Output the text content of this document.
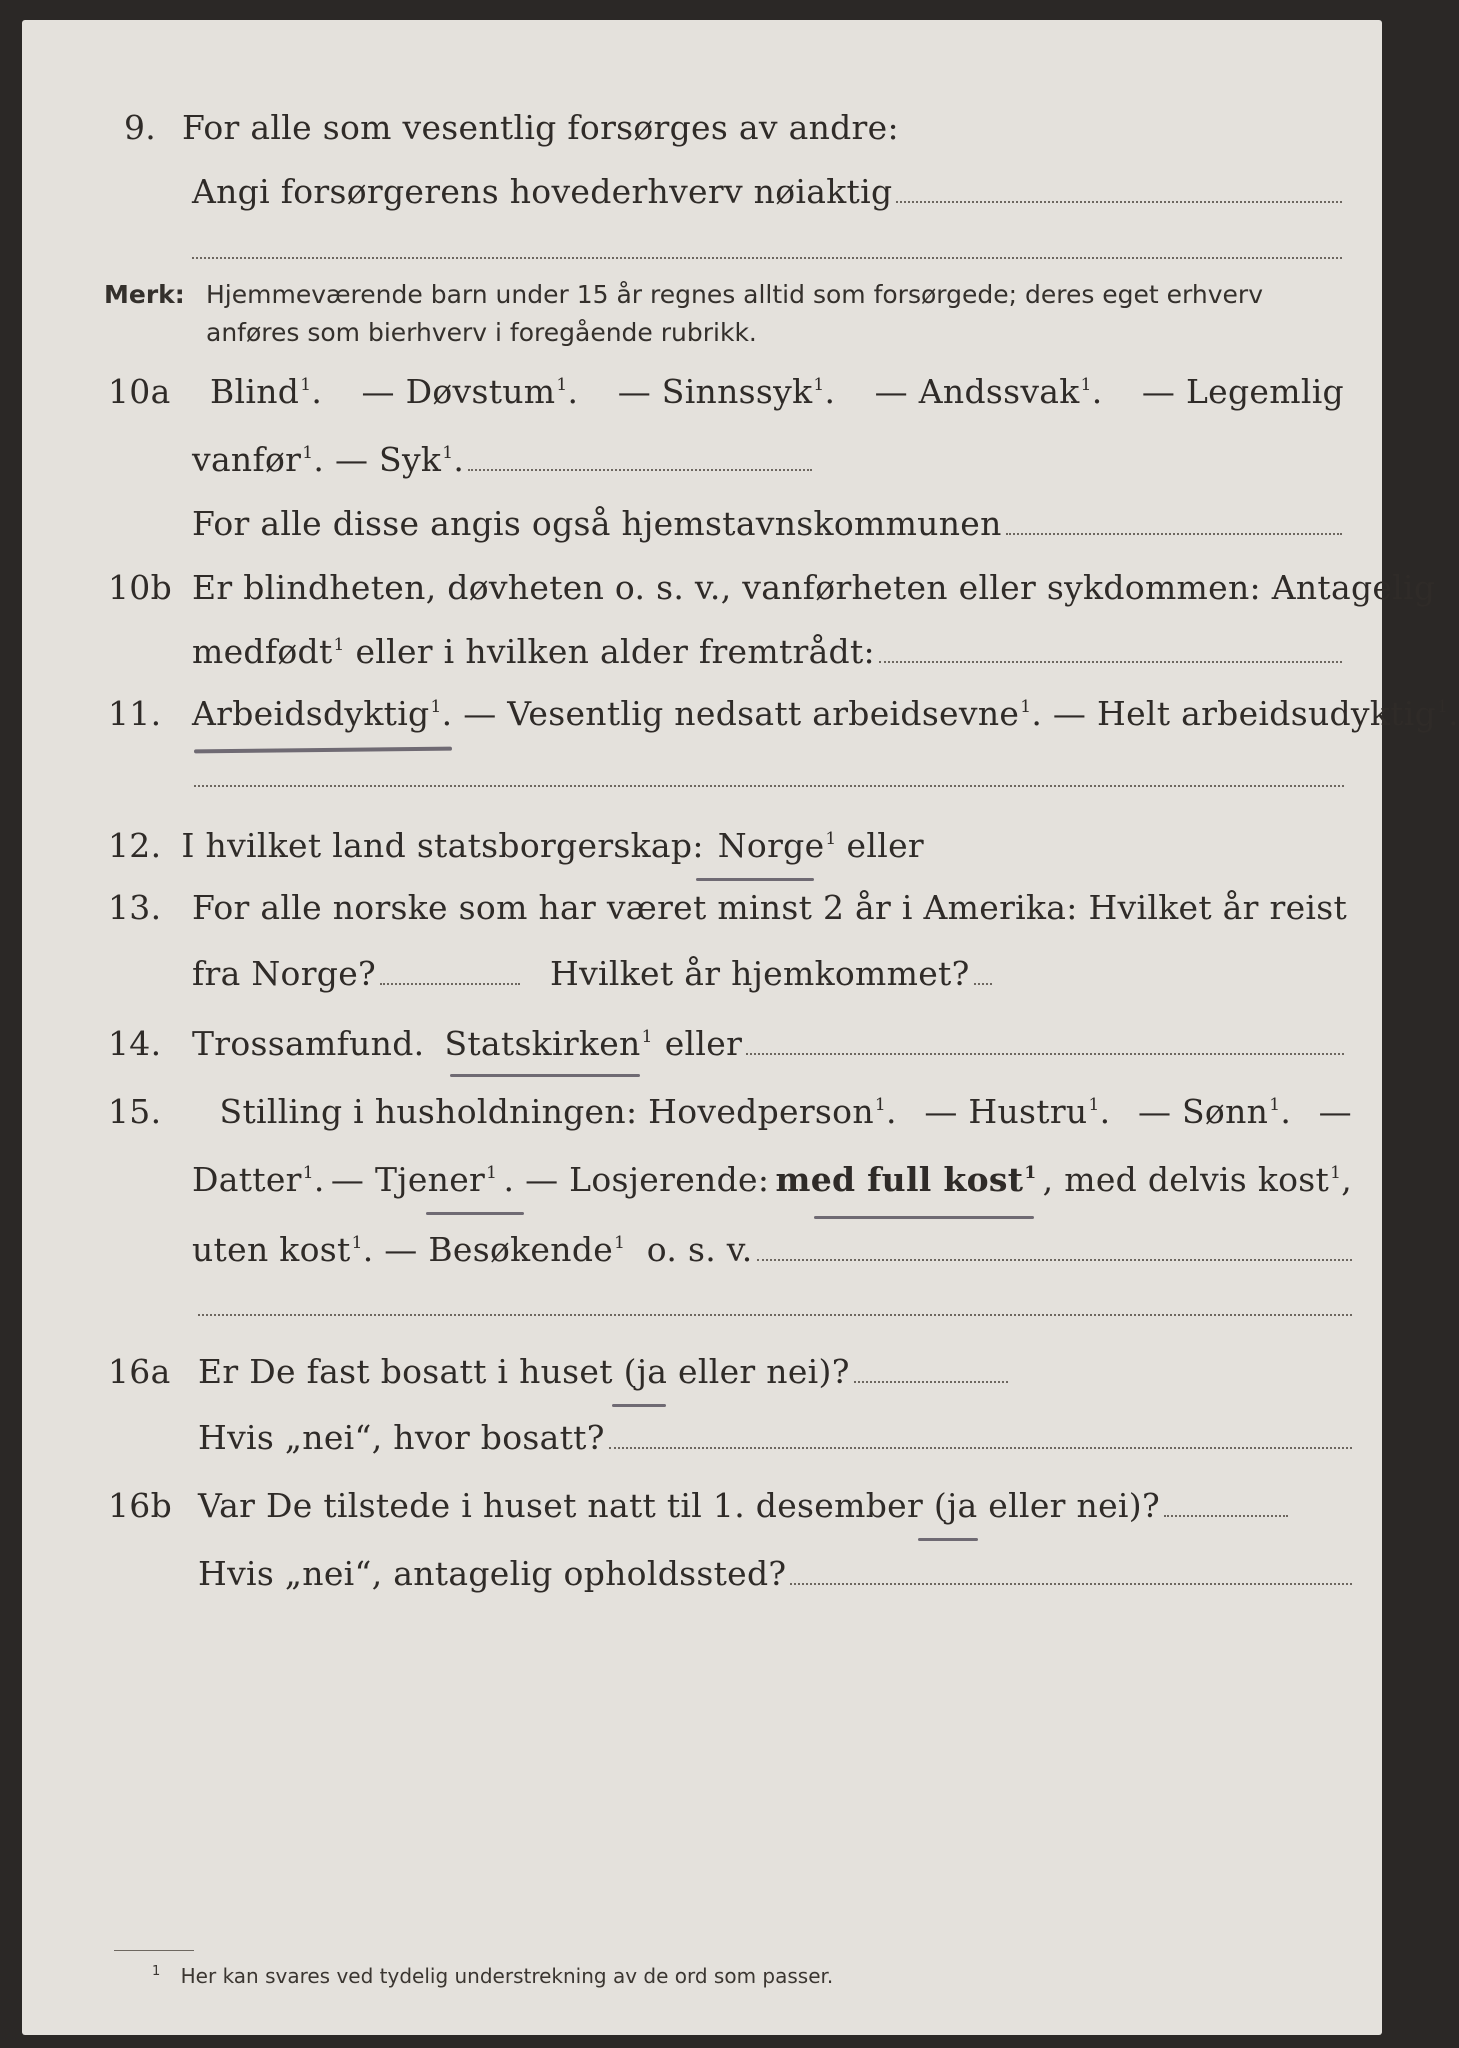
9. For alle som vesentlig forsørges av andre:
Angi forsørgerens hovederhverv nøiaktig
Merk: Hjemmeværende barn under 15 år regnes alltid som forsørgede; deres eget erhverv
anføres som bierhverv i foregående rubrikk.
10a Blind$^1$. — Døvstum$^1$. — Sinnssyk$^1$. — Andssvak$^1$. — Legemlig
vanfør$^1$. — Syk$^1$.
For alle disse angis også hjemstavnskommunen
10b Er blindheten, døvheten o. s. v., vanførheten eller sykdommen: Antagelig
medfødt$^1$ eller i hvilken alder fremtrådt:
11. Arbeidsdyktig$^1$ . — Vesentlig nedsatt arbeidsevne$^1$ . — Helt arbeidsudyktig$^1$.
12. I hvilket land statsborgerskap: Norge$^1$ eller
13. For alle norske som har været minst 2 år i Amerika: Hvilket år reist
fra Norge?	Hvilket år hjemkommet?
14. Trossamfund. Statskirken$^1$ eller
15.	Stilling i husholdningen: Hovedperson$^1$. — Hustru$^1$. — Sønn$^1$. —
Datter$^1$. — Tjener$^1$ . — Losjerende: med full kost$^1$ , med delvis kost$^1$,
uten kost$^1$ . — Besøkende$^1$ o. s. v.
16a Er De fast bosatt i huset (ja eller nei)?
Hvis „nei“, hvor bosatt?
16b Var De tilstede i huset natt til 1. desember (ja eller nei)?
Hvis „nei“, antagelig opholdssted?
$^1$ Her kan svares ved tydelig understrekning av de ord som passer.
